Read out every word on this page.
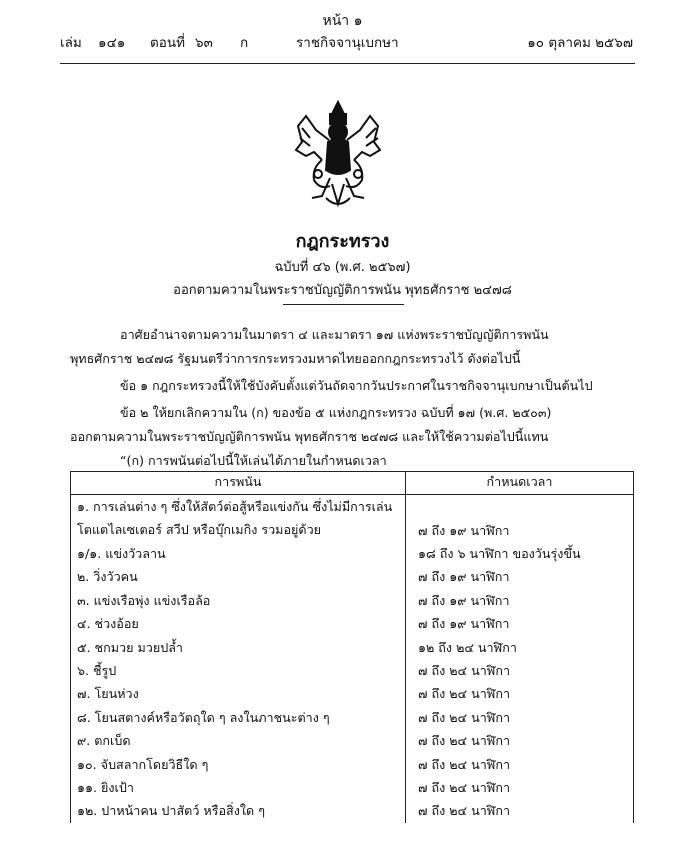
หน้า ๑
เล่ม ๑๔๑ ตอนที่ ๖๓ ก	ราชกิจจานุเบกษา	๑๐ ตุลาคม ๒๕๖๗
กฎกระทรวง
ฉบับที่ ๔๖ (พ.ศ. ๒๕๖๗)
ออกตามความในพระราชบัญญัติการพนัน พุทธศักราช ๒๔๗๘
อาศัยอำนาจตามความในมาตรา ๔ และมาตรา ๑๗ แห่งพระราชบัญญัติการพนัน
พุทธศักราช ๒๔๗๘ รัฐมนตรีว่าการกระทรวงมหาดไทยออกกฎกระทรวงไว้ ดังต่อไปนี้
ข้อ ๑ กฎกระทรวงนี้ให้ใช้บังคับตั้งแต่วันถัดจากวันประกาศในราชกิจจานุเบกษาเป็นต้นไป
ข้อ ๒ ให้ยกเลิกความใน (ก) ของข้อ ๕ แห่งกฎกระทรวง ฉบับที่ ๑๗ (พ.ศ. ๒๕๐๓)
ออกตามความในพระราชบัญญัติการพนัน พุทธศักราช ๒๔๗๘ และให้ใช้ความต่อไปนี้แทน
“(ก) การพนันต่อไปนี้ให้เล่นได้ภายในกำหนดเวลา
การพนัน	กำหนดเวลา
๑. การเล่นต่าง ๆ ซึ่งให้สัตว์ต่อสู้หรือแข่งกัน ซึ่งไม่มีการเล่น
โตแตไลเซเตอร์ สวีป หรือบุ๊กเมกิง รวมอยู่ด้วย	๗ ถึง ๑๙ นาฬิกา
๑/๑. แข่งวัวลาน	๑๘ ถึง ๖ นาฬิกา ของวันรุ่งขึ้น
๒. วิ่งวัวคน	๗ ถึง ๑๙ นาฬิกา
๓. แข่งเรือพุ่ง แข่งเรือล้อ	๗ ถึง ๑๙ นาฬิกา
๔. ช่วงอ้อย	๗ ถึง ๑๙ นาฬิกา
๕. ชกมวย มวยปล้ำ	๑๒ ถึง ๒๔ นาฬิกา
๖. ชี้รูป	๗ ถึง ๒๔ นาฬิกา
๗. โยนห่วง	๗ ถึง ๒๔ นาฬิกา
๘. โยนสตางค์หรือวัตถุใด ๆ ลงในภาชนะต่าง ๆ	๗ ถึง ๒๔ นาฬิกา
๙. ตกเบ็ด	๗ ถึง ๒๔ นาฬิกา
๑๐. จับสลากโดยวิธีใด ๆ	๗ ถึง ๒๔ นาฬิกา
๑๑. ยิงเป้า	๗ ถึง ๒๔ นาฬิกา
๑๒. ปาหน้าคน ปาสัตว์ หรือสิ่งใด ๆ	๗ ถึง ๒๔ นาฬิกา
